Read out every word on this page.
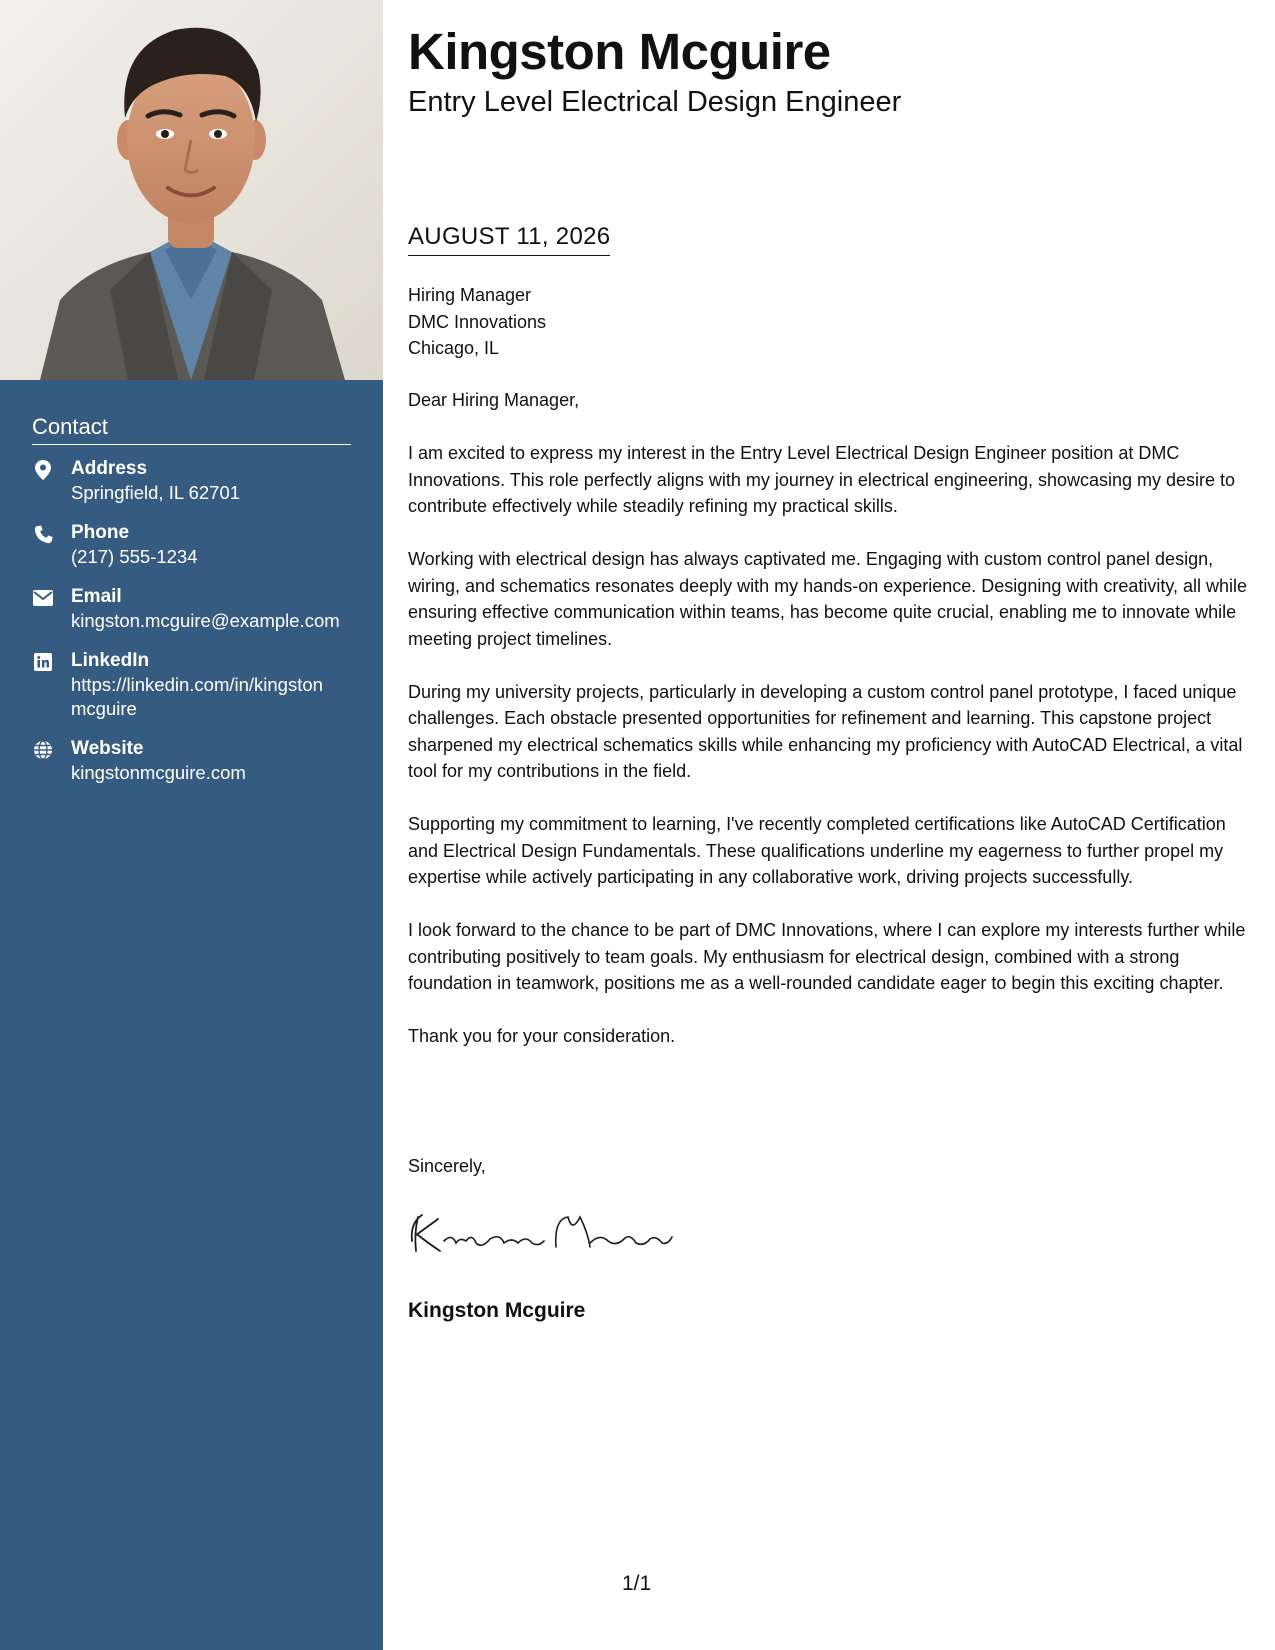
Contact
Address
Springfield, IL 62701
Phone
(217) 555-1234
Email
kingston.mcguire@example.com
LinkedIn
https://linkedin.com/in/kingston
mcguire
Website
kingstonmcguire.com
Kingston Mcguire
Entry Level Electrical Design Engineer
AUGUST 11, 2026
Hiring Manager
DMC Innovations
Chicago, IL

Dear Hiring Manager,

I am excited to express my interest in the Entry Level Electrical Design Engineer position at DMC Innovations. This role perfectly aligns with my journey in electrical engineering, showcasing my desire to contribute effectively while steadily refining my practical skills.

Working with electrical design has always captivated me. Engaging with custom control panel design, wiring, and schematics resonates deeply with my hands-on experience. Designing with creativity, all while ensuring effective communication within teams, has become quite crucial, enabling me to innovate while meeting project timelines.

During my university projects, particularly in developing a custom control panel prototype, I faced unique challenges. Each obstacle presented opportunities for refinement and learning. This capstone project sharpened my electrical schematics skills while enhancing my proficiency with AutoCAD Electrical, a vital tool for my contributions in the field.

Supporting my commitment to learning, I've recently completed certifications like AutoCAD Certification and Electrical Design Fundamentals. These qualifications underline my eagerness to further propel my expertise while actively participating in any collaborative work, driving projects successfully.

I look forward to the chance to be part of DMC Innovations, where I can explore my interests further while contributing positively to team goals. My enthusiasm for electrical design, combined with a strong foundation in teamwork, positions me as a well-rounded candidate eager to begin this exciting chapter.

Thank you for your consideration.

Sincerely,
Kingston Mcguire
1/1
